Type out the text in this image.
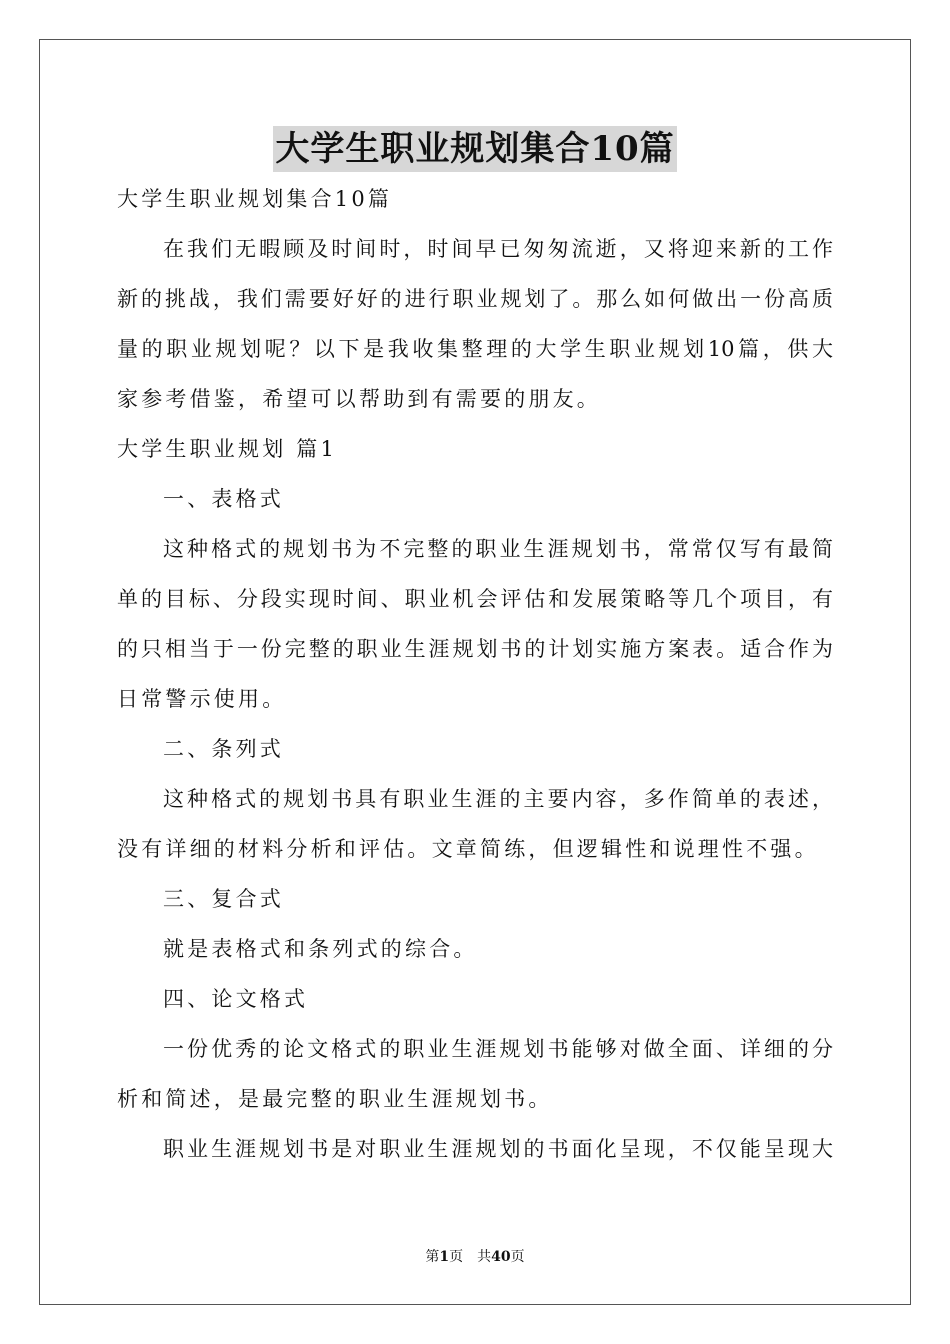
大学生职业规划集合10篇
大学生职业规划集合10篇
在我们无暇顾及时间时，时间早已匆匆流逝，又将迎来新的工作
新的挑战，我们需要好好的进行职业规划了。那么如何做出一份高质
量的职业规划呢？以下是我收集整理的大学生职业规划10篇，供大
家参考借鉴，希望可以帮助到有需要的朋友。
大学生职业规划 篇1
一、表格式
这种格式的规划书为不完整的职业生涯规划书，常常仅写有最简
单的目标、分段实现时间、职业机会评估和发展策略等几个项目，有
的只相当于一份完整的职业生涯规划书的计划实施方案表。适合作为
日常警示使用。
二、条列式
这种格式的规划书具有职业生涯的主要内容，多作简单的表述，
没有详细的材料分析和评估。文章简练，但逻辑性和说理性不强。
三、复合式
就是表格式和条列式的综合。
四、论文格式
一份优秀的论文格式的职业生涯规划书能够对做全面、详细的分
析和简述，是最完整的职业生涯规划书。
职业生涯规划书是对职业生涯规划的书面化呈现，不仅能呈现大
第1页　共40页
